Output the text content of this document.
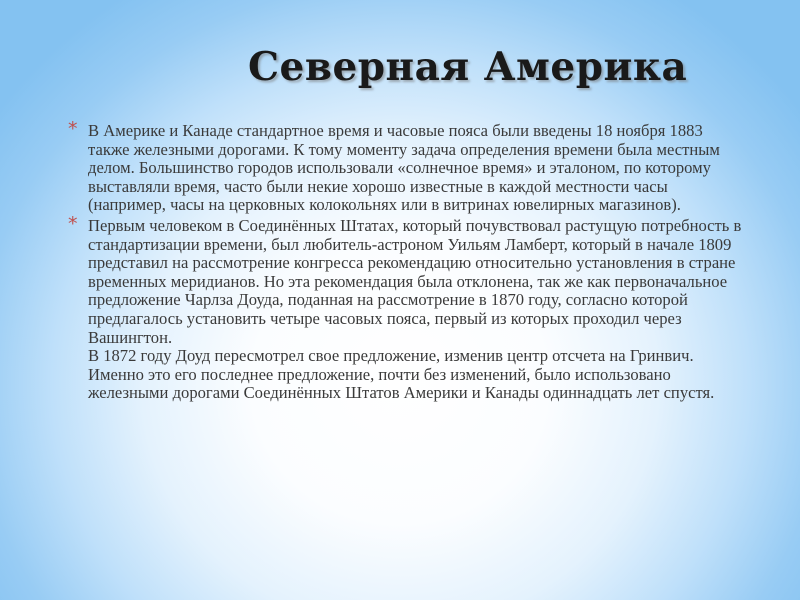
Северная Америка
* В Америке и Канаде стандартное время и часовые пояса были введены 18 ноября 1883 также железными дорогами. К тому моменту задача определения времени была местным делом. Большинство городов использовали «солнечное время» и эталоном, по которому выставляли время, часто были некие хорошо известные в каждой местности часы (например, часы на церковных колокольнях или в витринах ювелирных магазинов).
* Первым человеком в Соединённых Штатах, который почувствовал растущую потребность в стандартизации времени, был любитель-астроном Уильям Ламберт, который в начале 1809 представил на рассмотрение конгресса рекомендацию относительно установления в стране временных меридианов. Но эта рекомендация была отклонена, так же как первоначальное предложение Чарлза Доуда, поданная на рассмотрение в 1870 году, согласно которой предлагалось установить четыре часовых пояса, первый из которых проходил через Вашингтон.
В 1872 году Доуд пересмотрел свое предложение, изменив центр отсчета на Гринвич. Именно это его последнее предложение, почти без изменений, было использовано железными дорогами Соединённых Штатов Америки и Канады одиннадцать лет спустя.
